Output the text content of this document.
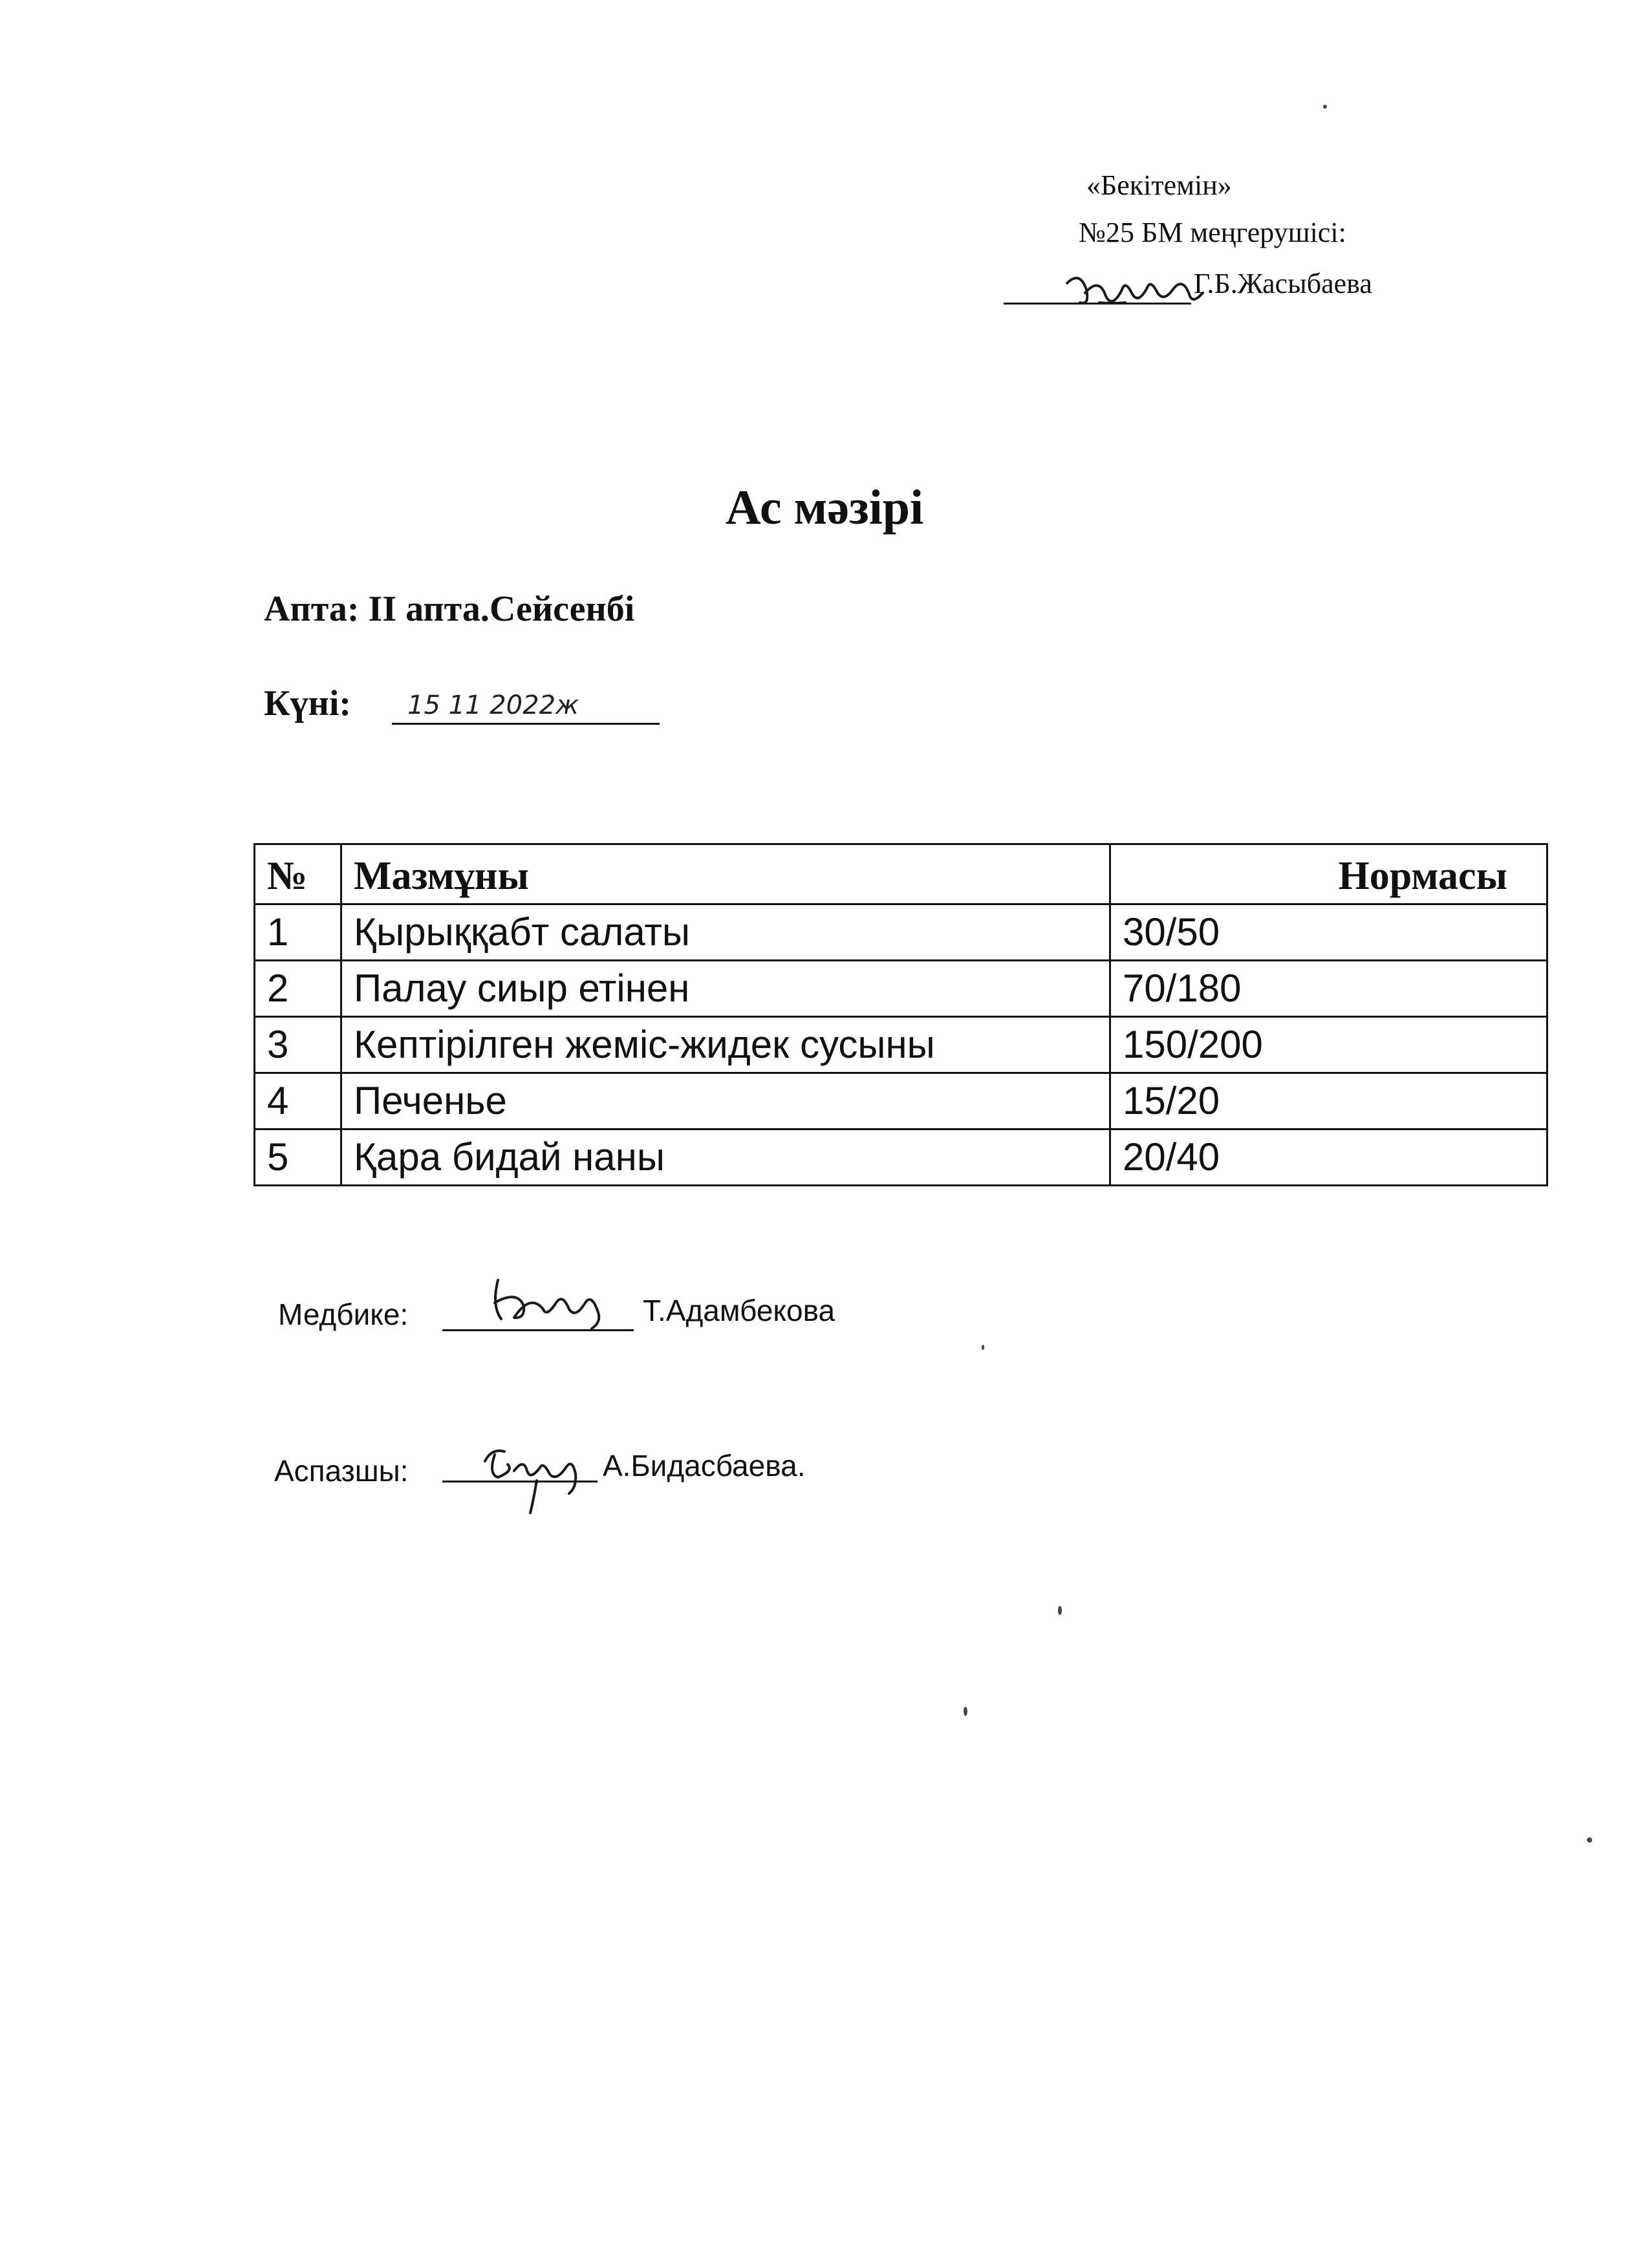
«Бекітемін»
№25 БМ меңгерушісі:
Г.Б.Жасыбаева
Ас мәзірі
Апта: II апта.Сейсенбі
Күні: 15 11 2022ж
№	Мазмұны	Нормасы
1	Қырыққабт салаты	30/50
2	Палау сиыр етінен	70/180
3	Кептірілген жеміс-жидек сусыны	150/200
4	Печенье	15/20
5	Қара бидай наны	20/40
Медбике:	Т.Адамбекова
Аспазшы:	А.Бидасбаева.
